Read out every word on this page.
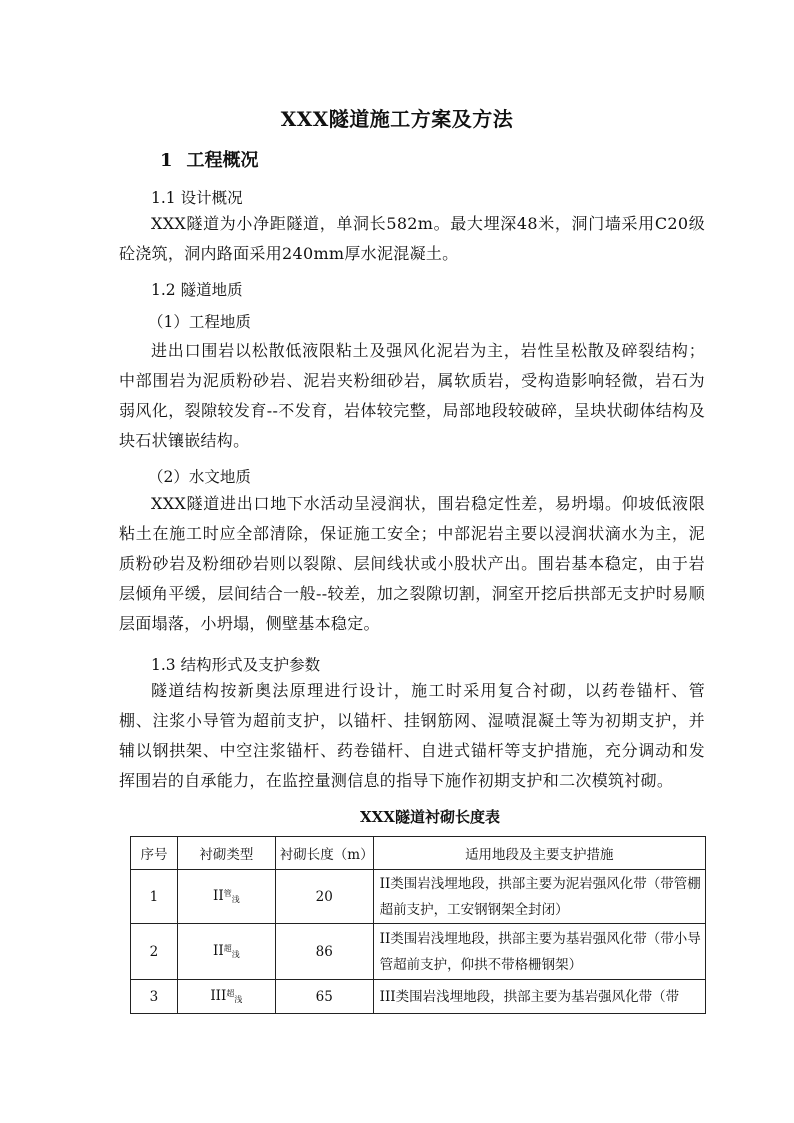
XXX隧道施工方案及方法
1 工程概况
1.1 设计概况
XXX隧道为小净距隧道，单洞长582m。最大埋深48米，洞门墙采用C20级砼浇筑，洞内路面采用240mm厚水泥混凝土。
1.2 隧道地质
（1）工程地质
进出口围岩以松散低液限粘土及强风化泥岩为主，岩性呈松散及碎裂结构；中部围岩为泥质粉砂岩、泥岩夹粉细砂岩，属软质岩，受构造影响轻微，岩石为弱风化，裂隙较发育--不发育，岩体较完整，局部地段较破碎，呈块状砌体结构及块石状镶嵌结构。
（2）水文地质
XXX隧道进出口地下水活动呈浸润状，围岩稳定性差，易坍塌。仰坡低液限粘土在施工时应全部清除，保证施工安全；中部泥岩主要以浸润状滴水为主，泥质粉砂岩及粉细砂岩则以裂隙、层间线状或小股状产出。围岩基本稳定，由于岩层倾角平缓，层间结合一般--较差，加之裂隙切割，洞室开挖后拱部无支护时易顺层面塌落，小坍塌，侧壁基本稳定。
1.3 结构形式及支护参数
隧道结构按新奥法原理进行设计，施工时采用复合衬砌，以药卷锚杆、管棚、注浆小导管为超前支护，以锚杆、挂钢筋网、湿喷混凝土等为初期支护，并辅以钢拱架、中空注浆锚杆、药卷锚杆、自进式锚杆等支护措施，充分调动和发挥围岩的自承能力，在监控量测信息的指导下施作初期支护和二次模筑衬砌。
XXX隧道衬砌长度表
序号	衬砌类型	衬砌长度（m）	适用地段及主要支护措施
1	$II^管_浅$	20	II类围岩浅埋地段，拱部主要为泥岩强风化带（带管棚超前支护，工安钢钢架全封闭）
2	$II^超_浅$	86	II类围岩浅埋地段，拱部主要为基岩强风化带（带小导管超前支护，仰拱不带格栅钢架）
3	$III^超_浅$	65	III类围岩浅埋地段，拱部主要为基岩强风化带（带
